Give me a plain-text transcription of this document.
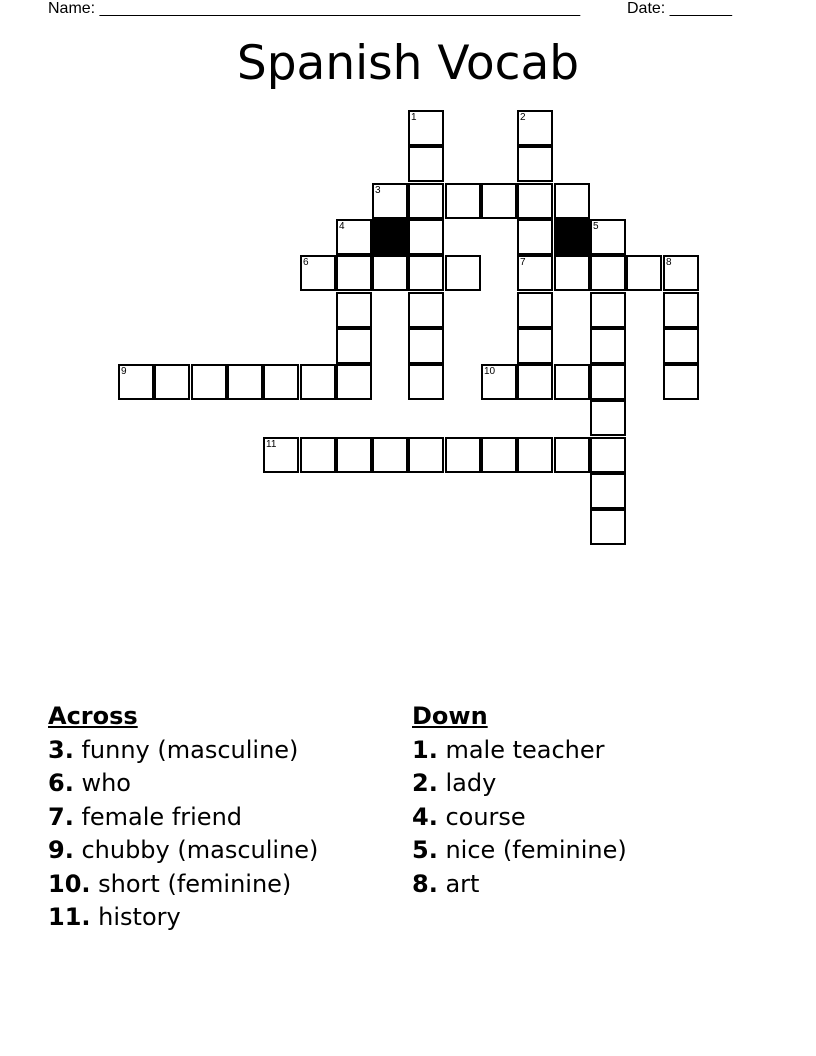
Name: ______________________________________________________	Date: _______
Spanish Vocab
1	2
3
4	5
6	7	8
9	10
11
Across
3. funny (masculine)
6. who
7. female friend
9. chubby (masculine)
10. short (feminine)
11. history
Down
1. male teacher
2. lady
4. course
5. nice (feminine)
8. art
